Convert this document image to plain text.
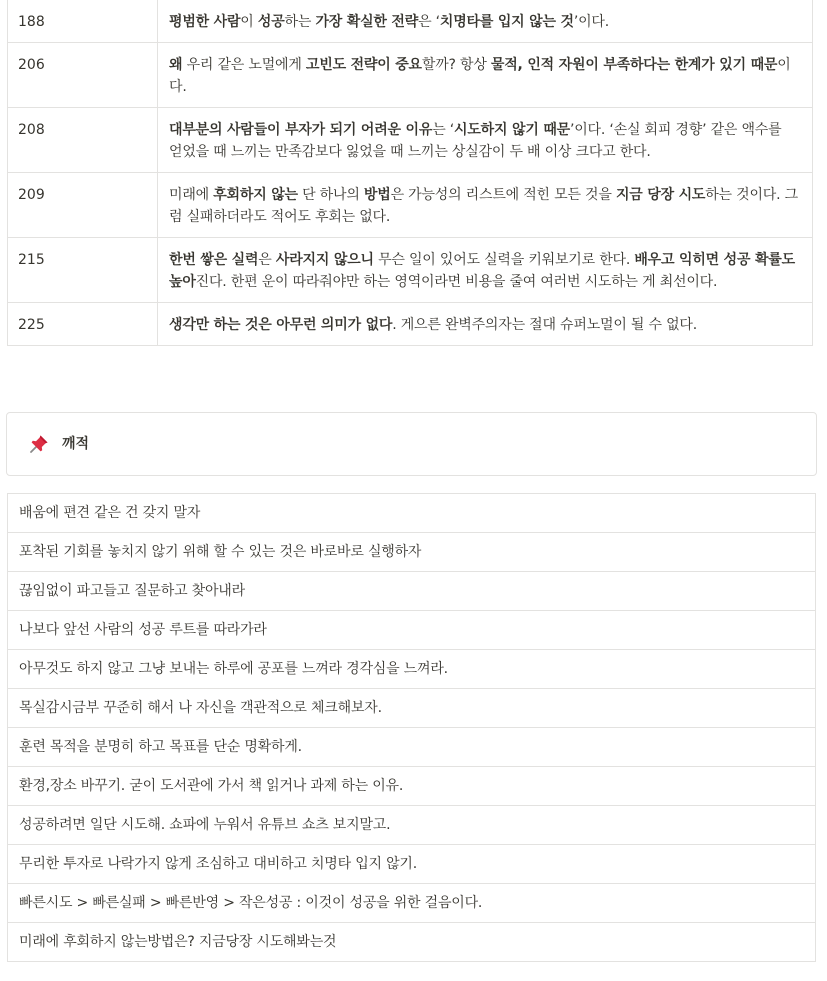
188	평범한 사람이 성공하는 가장 확실한 전략은 ‘치명타를 입지 않는 것’이다.
206	왜 우리 같은 노멀에게 고빈도 전략이 중요할까? 항상 물적, 인적 자원이 부족하다는 한계가 있기 때문이다.
208	대부분의 사람들이 부자가 되기 어려운 이유는 ‘시도하지 않기 때문’이다. ‘손실 회피 경향’ 같은 액수를 얻었을 때 느끼는 만족감보다 잃었을 때 느끼는 상실감이 두 배 이상 크다고 한다.
209	미래에 후회하지 않는 단 하나의 방법은 가능성의 리스트에 적힌 모든 것을 지금 당장 시도하는 것이다. 그럼 실패하더라도 적어도 후회는 없다.
215	한번 쌓은 실력은 사라지지 않으니 무슨 일이 있어도 실력을 키워보기로 한다. 배우고 익히면 성공 확률도 높아진다. 한편 운이 따라줘야만 하는 영역이라면 비용을 줄여 여러번 시도하는 게 최선이다.
225	생각만 하는 것은 아무런 의미가 없다. 게으른 완벽주의자는 절대 슈퍼노멀이 될 수 없다.
깨적
배움에 편견 같은 건 갖지 말자
포착된 기회를 놓치지 않기 위해 할 수 있는 것은 바로바로 실행하자
끊임없이 파고들고 질문하고 찾아내라
나보다 앞선 사람의 성공 루트를 따라가라
아무것도 하지 않고 그냥 보내는 하루에 공포를 느껴라 경각심을 느껴라.
목실감시금부 꾸준히 해서 나 자신을 객관적으로 체크해보자.
훈련 목적을 분명히 하고 목표를 단순 명확하게.
환경,장소 바꾸기. 굳이 도서관에 가서 책 읽거나 과제 하는 이유.
성공하려면 일단 시도해. 쇼파에 누워서 유튜브 쇼츠 보지말고.
무리한 투자로 나락가지 않게 조심하고 대비하고 치명타 입지 않기.
빠른시도 > 빠른실패 > 빠른반영 > 작은성공 : 이것이 성공을 위한 걸음이다.
미래에 후회하지 않는방법은? 지금당장 시도해봐는것
